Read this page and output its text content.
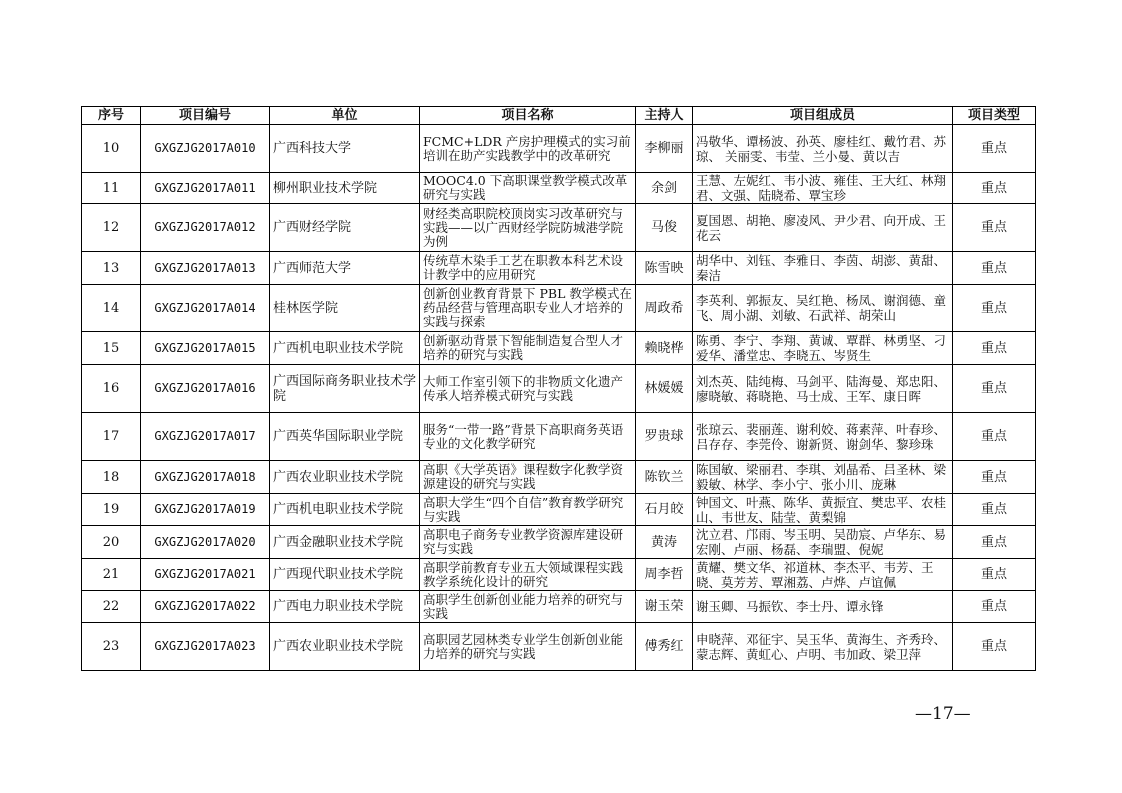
序号	项目编号	单位	项目名称	主持人	项目组成员	项目类型
10	GXGZJG2017A010	广西科技大学	FCMC+LDR 产房护理模式的实习前培训在助产实践教学中的改革研究	李柳丽	冯敬华、谭杨波、孙英、廖桂红、戴竹君、苏琼、 关丽雯、韦莹、兰小曼、黄以吉	重点
11	GXGZJG2017A011	柳州职业技术学院	MOOC4.0 下高职课堂教学模式改革研究与实践	余剑	王慧、左妮红、韦小波、雍佳、王大红、林翔君、文强、陆晓希、覃宝珍	重点
12	GXGZJG2017A012	广西财经学院	财经类高职院校顶岗实习改革研究与实践——以广西财经学院防城港学院为例	马俊	夏国恩、胡艳、廖凌风、尹少君、向开成、王花云	重点
13	GXGZJG2017A013	广西师范大学	传统草木染手工艺在职教本科艺术设计教学中的应用研究	陈雪映	胡华中、刘钰、李雅日、李茵、胡澎、黄甜、秦洁	重点
14	GXGZJG2017A014	桂林医学院	创新创业教育背景下 PBL 教学模式在药品经营与管理高职专业人才培养的实践与探索	周政希	李英利、郭振友、吴红艳、杨凤、谢润德、童飞、周小湖、刘敏、石武祥、胡荣山	重点
15	GXGZJG2017A015	广西机电职业技术学院	创新驱动背景下智能制造复合型人才培养的研究与实践	赖晓桦	陈勇、李宁、李翔、黄诚、覃群、林勇坚、刁爱华、潘堂忠、李晓五、岑贤生	重点
16	GXGZJG2017A016	广西国际商务职业技术学院	大师工作室引领下的非物质文化遗产传承人培养模式研究与实践	林媛媛	刘杰英、陆纯梅、马剑平、陆海曼、郑忠阳、廖晓敏、蒋晓艳、马士成、王军、康日晖	重点
17	GXGZJG2017A017	广西英华国际职业学院	服务“一带一路”背景下高职商务英语专业的文化教学研究	罗贵球	张琼云、裴丽莲、谢利姣、蒋素萍、叶春珍、吕存存、李莞伶、谢新贤、谢剑华、黎珍珠	重点
18	GXGZJG2017A018	广西农业职业技术学院	高职《大学英语》课程数字化教学资源建设的研究与实践	陈钦兰	陈国敏、梁丽君、李琪、刘晶希、吕圣林、梁毅敏、林学、李小宁、张小川、庞琳	重点
19	GXGZJG2017A019	广西机电职业技术学院	高职大学生“四个自信”教育教学研究与实践	石月皎	钟国文、叶燕、陈华、黄振宜、樊忠平、农桂山、韦世友、陆莹、黄梨锦	重点
20	GXGZJG2017A020	广西金融职业技术学院	高职电子商务专业教学资源库建设研究与实践	黄涛	沈立君、邝雨、岑玉明、吴劭宸、卢华东、易宏刚、卢丽、杨磊、李瑞盟、倪妮	重点
21	GXGZJG2017A021	广西现代职业技术学院	高职学前教育专业五大领域课程实践教学系统化设计的研究	周李哲	黄耀、樊文华、祁道林、李杰平、韦芳、王晓、莫芳芳、覃湘荔、卢烨、卢谊佩	重点
22	GXGZJG2017A022	广西电力职业技术学院	高职学生创新创业能力培养的研究与实践	谢玉荣	谢玉卿、马振钦、李士丹、谭永锋	重点
23	GXGZJG2017A023	广西农业职业技术学院	高职园艺园林类专业学生创新创业能力培养的研究与实践	傅秀红	申晓萍、邓征宇、吴玉华、黄海生、齐秀玲、蒙志辉、黄虹心、卢明、韦加政、梁卫萍	重点
—17—
